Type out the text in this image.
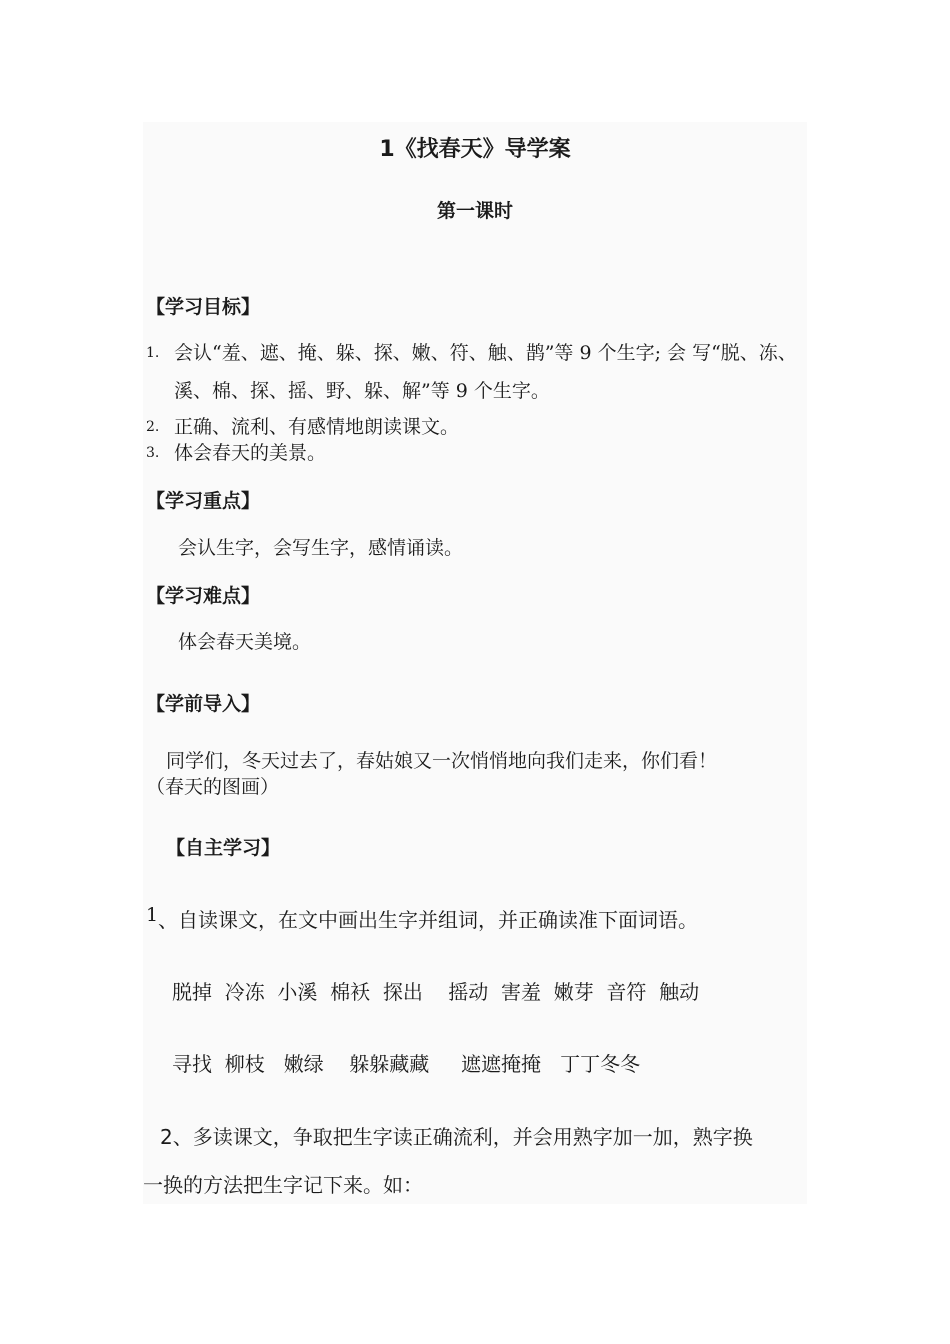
1《找春天》导学案
第一课时
【学习目标】
1. 会认“羞、遮、掩、躲、探、嫩、符、触、鹊”等 9 个生字; 会 写“脱、冻、
溪、棉、探、摇、野、躲、解”等 9 个生字。
2. 正确、流利、有感情地朗读课文。
3. 体会春天的美景。
【学习重点】
会认生字，会写生字，感情诵读。
【学习难点】
体会春天美境。
【学前导入】
同学们，冬天过去了，春姑娘又一次悄悄地向我们走来，你们看！
（春天的图画）
【自主学习】
1 、自读课文，在文中画出生字并组词，并正确读准下面词语。
脱掉  冷冻  小溪  棉袄  探出    摇动  害羞  嫩芽  音符  触动
寻找  柳枝   嫩绿    躲躲藏藏     遮遮掩掩   丁丁冬冬
2、多读课文，争取把生字读正确流利，并会用熟字加一加，熟字换
一换的方法把生字记下来。如：
